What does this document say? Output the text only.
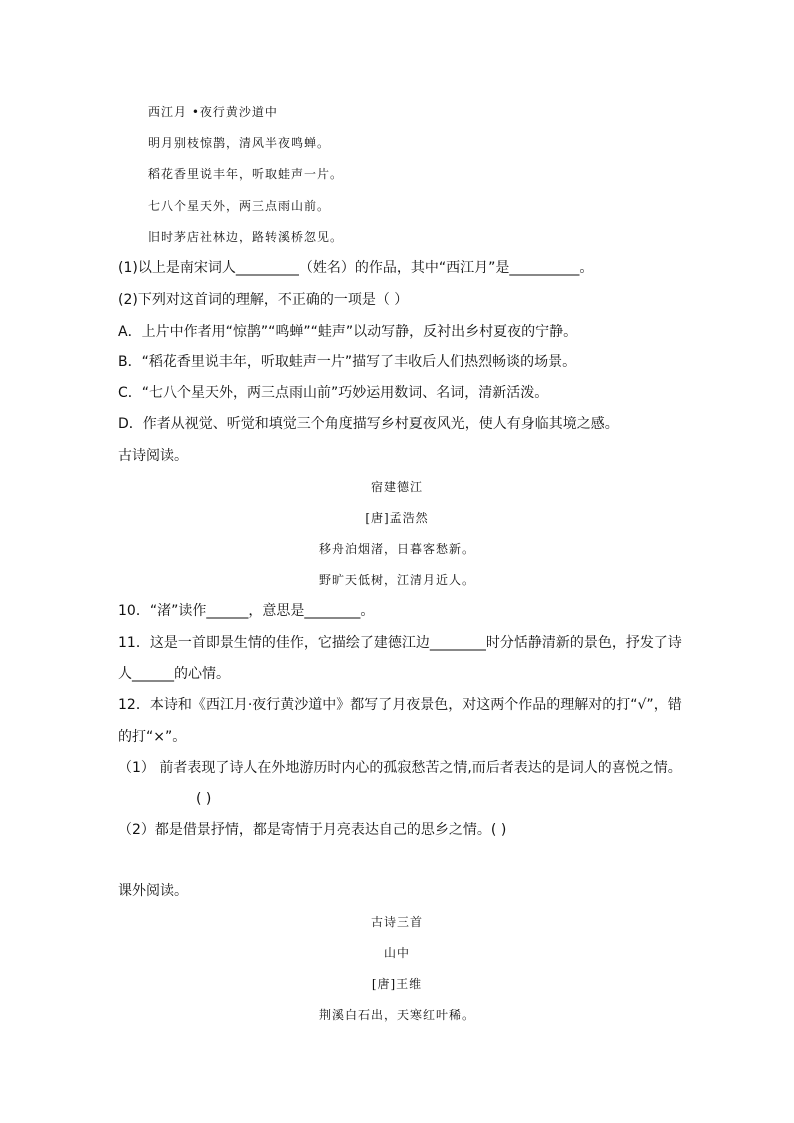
西江月 •夜行黄沙道中
明月别枝惊鹊，清风半夜鸣蝉。
稻花香里说丰年，听取蛙声一片。
七八个星天外，两三点雨山前。
旧时茅店社林边，路转溪桥忽见。
(1)以上是南宋词人_________（姓名）的作品，其中“西江月”是__________。
(2)下列对这首词的理解，不正确的一项是（ ）
A．上片中作者用“惊鹊”“鸣蝉”“蛙声”以动写静，反衬出乡村夏夜的宁静。
B．“稻花香里说丰年，听取蛙声一片”描写了丰收后人们热烈畅谈的场景。
C．“七八个星天外，两三点雨山前”巧妙运用数词、名词，清新活泼。
D．作者从视觉、听觉和填觉三个角度描写乡村夏夜风光，使人有身临其境之感。
古诗阅读。
宿建德江
[唐]孟浩然
移舟泊烟渚，日暮客愁新。
野旷天低树，江清月近人。
10．“渚”读作______，意思是________。
11．这是一首即景生情的佳作，它描绘了建德江边________时分恬静清新的景色，抒发了诗
人______的心情。
12．本诗和《西江月·夜行黄沙道中》都写了月夜景色，对这两个作品的理解对的打“√”，错
的打“×”。
（1） 前者表现了诗人在外地游历时内心的孤寂愁苦之情,而后者表达的是词人的喜悦之情。
( )
（2）都是借景抒情，都是寄情于月亮表达自己的思乡之情。( )
课外阅读。
古诗三首
山中
[唐]王维
荆溪白石出，天寒红叶稀。
